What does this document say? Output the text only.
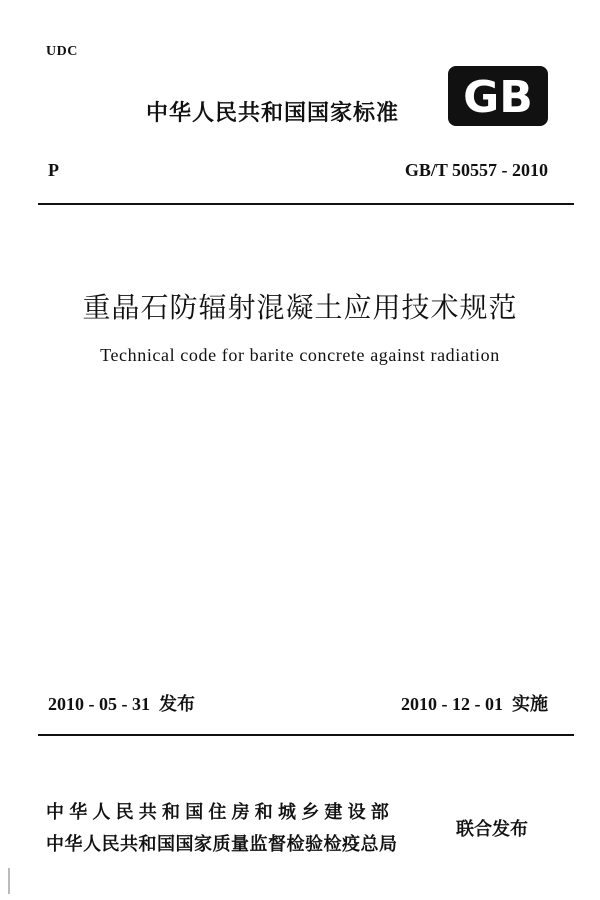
UDC
中华人民共和国国家标准 GB
P	GB/T 50557 - 2010
重晶石防辐射混凝土应用技术规范
Technical code for barite concrete against radiation
2010 - 05 - 31  发布	2010 - 12 - 01  实施
中华人民共和国住房和城乡建设部
中华人民共和国国家质量监督检验检疫总局
联合发布
